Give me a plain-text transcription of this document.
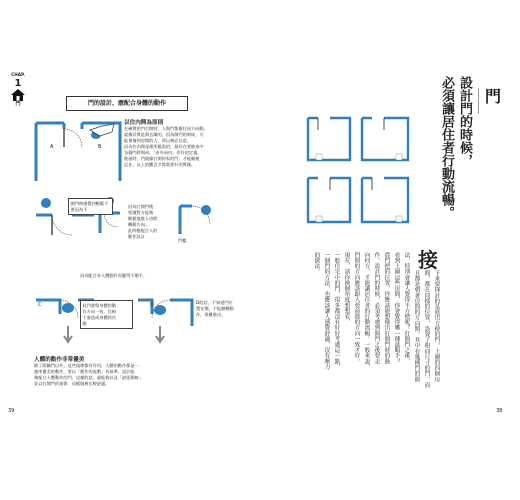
CHAP.
1
門	門的設計，應配合身體的動作
A	B
以住內開為原則
在確實把門打開時，人與門都應往同方向動。
就像其實是與玄關的，因為開門的時候，可
能會撞到房間的人，所以務必注意。
因為往內開是理所應當的，最好在要進家中
各個門時與向，「由外向內」作好的定義，
進屋時，門就像打開你家的門，才能順便
記住，以上的觀念才都需要好的實踐。
開門時感覺到輕鬆不要因為不	因為打開門後
要讓對方能夠
輕鬆地進入房間
轉動方向...
此時應配合人的
動作設計
門檻
因為配合各人體動作而變得不順手。
C	D
此門會與身體的動
作方向一致，比較
不會造成身體的負
擔
D的話，不知道門位
置在哪，不能順暢動
作，很難進出。
人體的動作非常優美
除了開關門以外，這些規律都有作用，人體的動作都是一
連串優美的動作，要以「動作的流動」為基準，設計能
夠配合人體動作的門，這樣的話，就能夠以及「最佳動線」
並以打開門的規律，這樣做會比較舒適。
39
門
設計門的時候，
必須讓居住者行動流暢。
接
下來要探討的是進出方便的門。上圖的四個房
間，都在同樣的位置，設置了相同尺寸的門，而
且都是朝著房間的方向開。其中有幾種門的開
法，特別會讓人覺得不方便呢？打開門之後，
看到上圖這些房間，你會覺得哪一種最順手？
從門把的位置，你應該能想像出打開門時的動
作。設計門的時候，必須考慮到開門之後要走
向何方，才能讓居住者的行動流暢。一般來說，
門開的方向應該跟人要前進的方向一致才好。
現在，請你換個角度想想看，
一般住宅中的門，很多都沒有好好考慮這一點，
一個門的方法，也應該讓人感覺舒適，沒有壓力
的做法。
38
